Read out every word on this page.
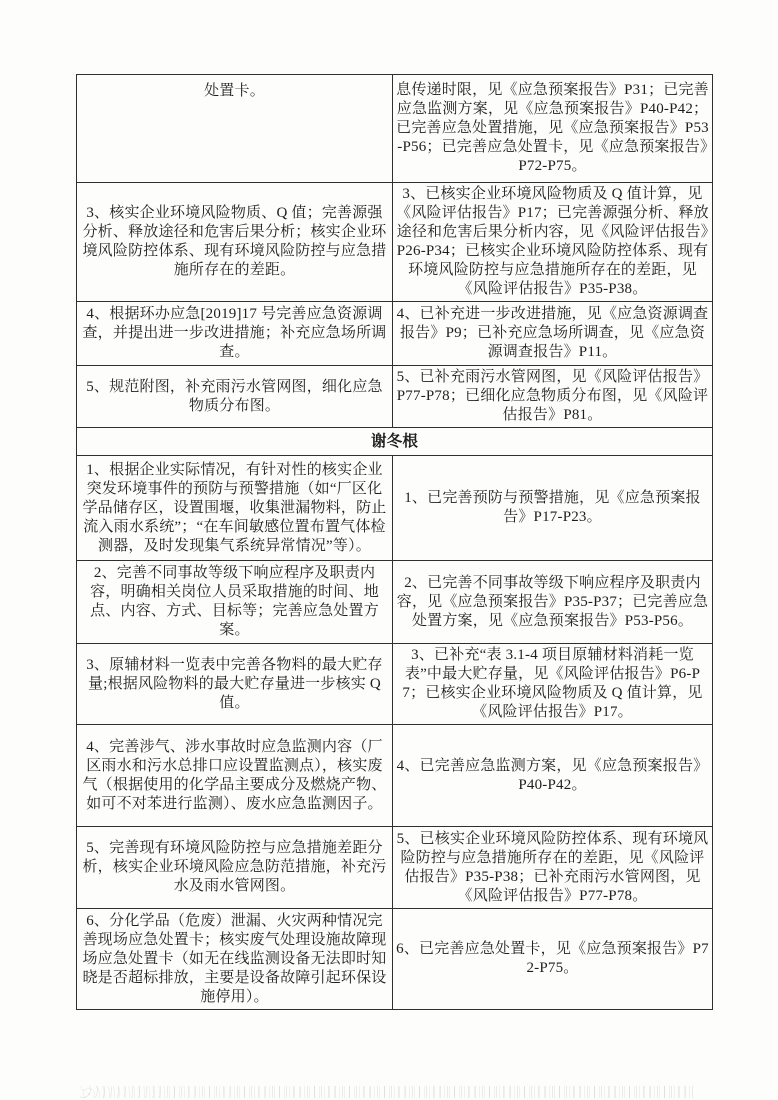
处置卡。	息传递时限，见《应急预案报告》P31；已完善应急监测方案，见《应急预案报告》P40-P42；已完善应急处置措施，见《应急预案报告》P53-P56；已完善应急处置卡，见《应急预案报告》P72-P75。
3、核实企业环境风险物质、Q 值；完善源强分析、释放途径和危害后果分析；核实企业环境风险防控体系、现有环境风险防控与应急措施所存在的差距。	3、已核实企业环境风险物质及 Q 值计算，见《风险评估报告》P17；已完善源强分析、释放途径和危害后果分析内容，见《风险评估报告》P26-P34；已核实企业环境风险防控体系、现有环境风险防控与应急措施所存在的差距，见《风险评估报告》P35-P38。
4、根据环办应急[2019]17 号完善应急资源调查，并提出进一步改进措施；补充应急场所调查。	4、已补充进一步改进措施，见《应急资源调查报告》P9；已补充应急场所调查，见《应急资源调查报告》P11。
5、规范附图，补充雨污水管网图，细化应急物质分布图。	5、已补充雨污水管网图，见《风险评估报告》P77-P78；已细化应急物质分布图，见《风险评估报告》P81。
谢冬根	
1、根据企业实际情况，有针对性的核实企业突发环境事件的预防与预警措施（如“厂区化学品储存区，设置围堰，收集泄漏物料，防止流入雨水系统”；“在车间敏感位置布置气体检测器，及时发现集气系统异常情况”等）。	1、已完善预防与预警措施，见《应急预案报告》P17-P23。
2、完善不同事故等级下响应程序及职责内容，明确相关岗位人员采取措施的时间、地点、内容、方式、目标等；完善应急处置方案。	2、已完善不同事故等级下响应程序及职责内容，见《应急预案报告》P35-P37；已完善应急处置方案，见《应急预案报告》P53-P56。
3、原辅材料一览表中完善各物料的最大贮存量;根据风险物料的最大贮存量进一步核实 Q 值。	3、已补充“表 3.1-4 项目原辅材料消耗一览表”中最大贮存量，见《风险评估报告》P6-P7；已核实企业环境风险物质及 Q 值计算，见《风险评估报告》P17。
4、完善涉气、涉水事故时应急监测内容（厂区雨水和污水总排口应设置监测点），核实废气（根据使用的化学品主要成分及燃烧产物、如可不对苯进行监测）、废水应急监测因子。	4、已完善应急监测方案，见《应急预案报告》P40-P42。
5、完善现有环境风险防控与应急措施差距分析，核实企业环境风险应急防范措施，补充污水及雨水管网图。	5、已核实企业环境风险防控体系、现有环境风险防控与应急措施所存在的差距，见《风险评估报告》P35-P38；已补充雨污水管网图，见《风险评估报告》P77-P78。
6、分化学品（危废）泄漏、火灾两种情况完善现场应急处置卡；核实废气处理设施故障现场应急处置卡（如无在线监测设备无法即时知晓是否超标排放，主要是设备故障引起环保设施停用）。	6、已完善应急处置卡，见《应急预案报告》P72-P75。
